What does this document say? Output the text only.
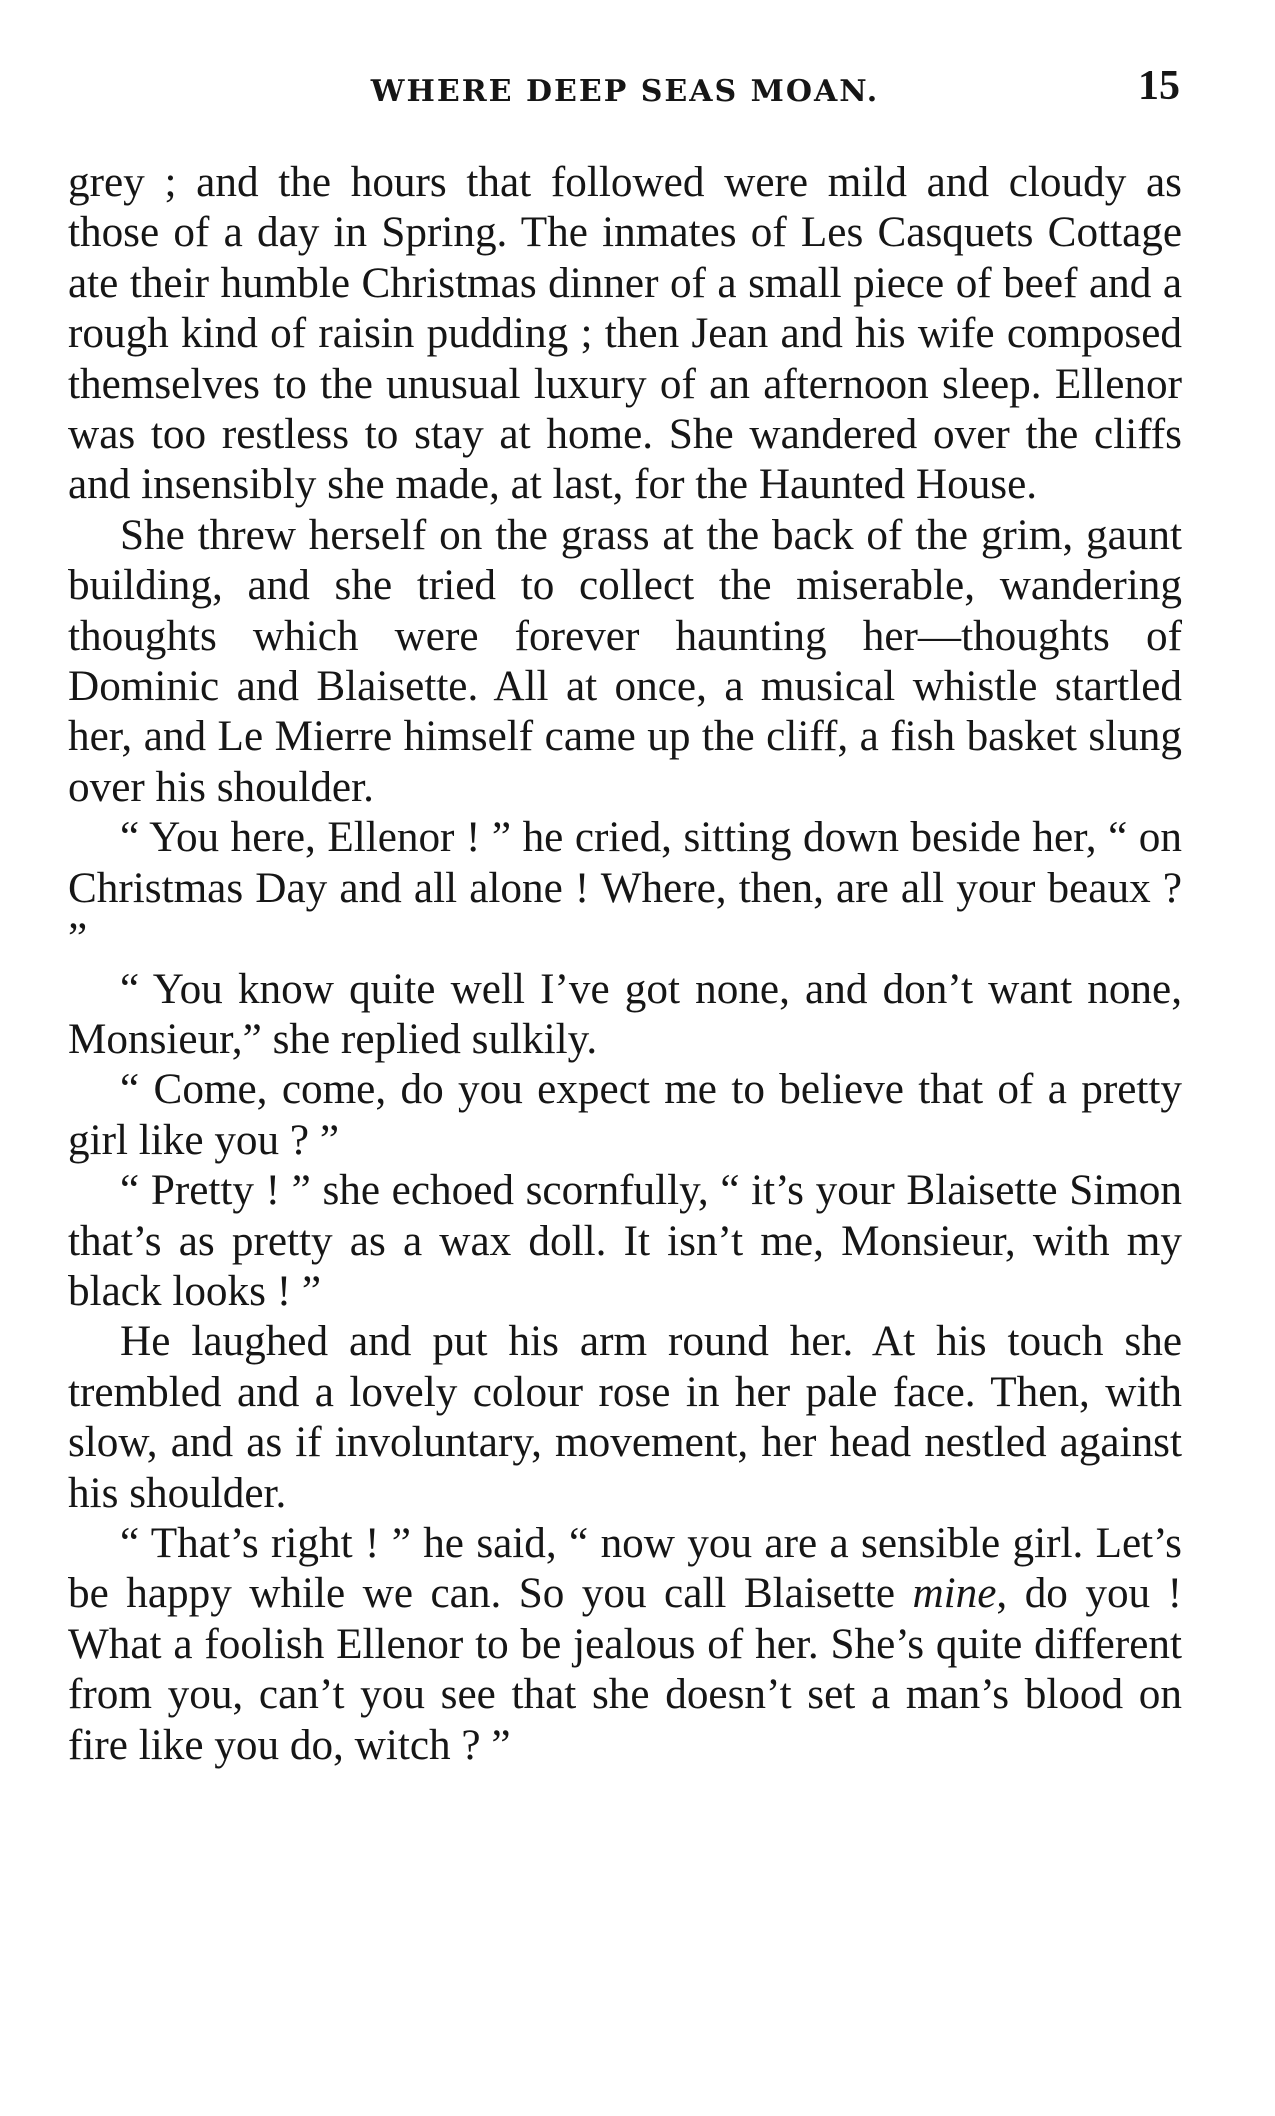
WHERE DEEP SEAS MOAN.	15

grey ; and the hours that followed were mild and cloudy as those of a day in Spring. The inmates of Les Casquets Cottage ate their humble Christmas dinner of a small piece of beef and a rough kind of raisin pudding ; then Jean and his wife composed themselves to the unusual luxury of an afternoon sleep. Ellenor was too restless to stay at home. She wandered over the cliffs and insensibly she made, at last, for the Haunted House.

She threw herself on the grass at the back of the grim, gaunt building, and she tried to collect the miserable, wandering thoughts which were forever haunting her—thoughts of Dominic and Blaisette. All at once, a musical whistle startled her, and Le Mierre himself came up the cliff, a fish basket slung over his shoulder.

“ You here, Ellenor ! ” he cried, sitting down beside her, “ on Christmas Day and all alone ! Where, then, are all your beaux ? ”

“ You know quite well I’ve got none, and don’t want none, Monsieur,” she replied sulkily.

“ Come, come, do you expect me to believe that of a pretty girl like you ? ”

“ Pretty ! ” she echoed scornfully, “ it’s your Blaisette Simon that’s as pretty as a wax doll. It isn’t me, Monsieur, with my black looks ! ”

He laughed and put his arm round her. At his touch she trembled and a lovely colour rose in her pale face. Then, with slow, and as if involuntary, movement, her head nestled against his shoulder.

“ That’s right ! ” he said, “ now you are a sensible girl. Let’s be happy while we can. So you call Blaisette mine, do you ! What a foolish Ellenor to be jealous of her. She’s quite different from you, can’t you see that she doesn’t set a man’s blood on fire like you do, witch ? ”
